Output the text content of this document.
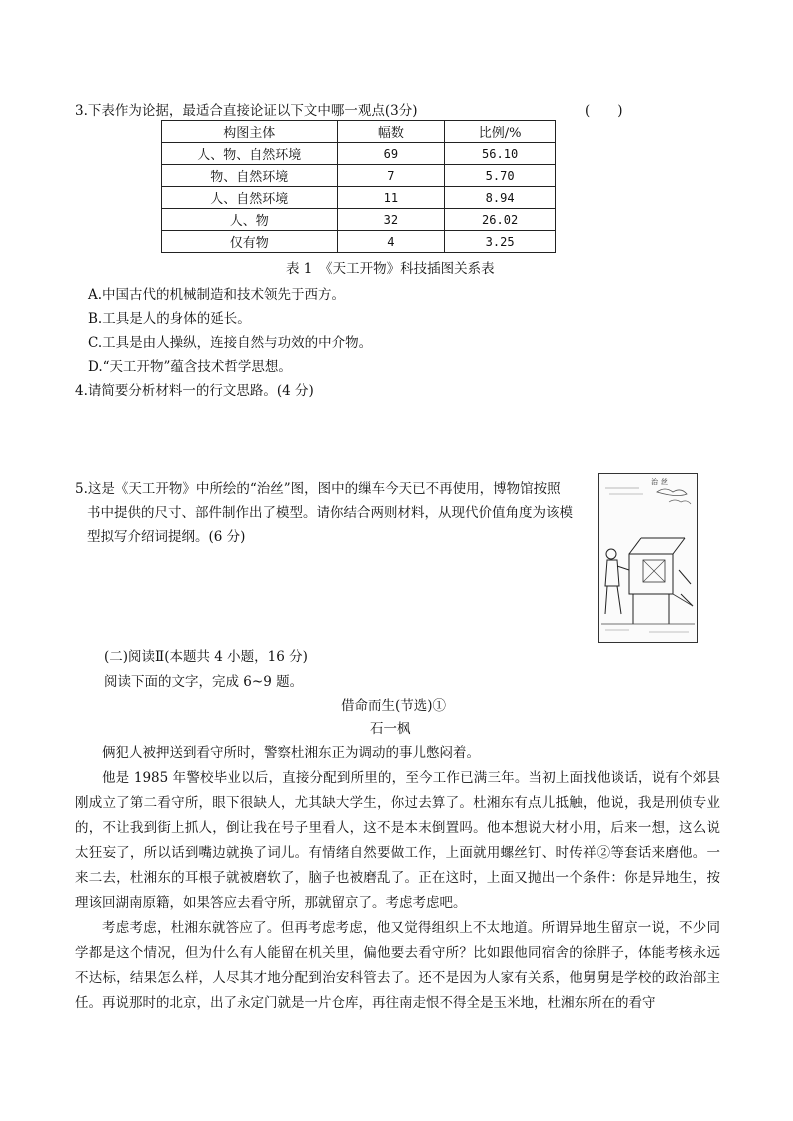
3.下表作为论据，最适合直接论证以下文中哪一观点(3分)	(　　)
构图主体	幅数	比例/%
人、物、自然环境	69	56.10
物、自然环境	7	5.70
人、自然环境	11	8.94
人、物	32	26.02
仅有物	4	3.25
表 1　《天工开物》科技插图关系表
A.中国古代的机械制造和技术领先于西方。
B.工具是人的身体的延长。
C.工具是由人操纵，连接自然与功效的中介物。
D.“天工开物”蕴含技术哲学思想。
4.请简要分析材料一的行文思路。(4 分)
5.这是《天工开物》中所绘的“治丝”图，图中的缫车今天已不再使用，博物馆按照
书中提供的尺寸、部件制作出了模型。请你结合两则材料，从现代价值角度为该模
型拟写介绍词提纲。(6 分)
治丝
(二)阅读Ⅱ(本题共 4 小题，16 分)
阅读下面的文字，完成 6~9 题。
借命而生(节选)①
石一枫

俩犯人被押送到看守所时，警察杜湘东正为调动的事儿憋闷着。

他是 1985 年警校毕业以后，直接分配到所里的，至今工作已满三年。当初上面找他谈话，说有个郊县刚成立了第二看守所，眼下很缺人，尤其缺大学生，你过去算了。杜湘东有点儿抵触，他说，我是刑侦专业的，不让我到街上抓人，倒让我在号子里看人，这不是本末倒置吗。他本想说大材小用，后来一想，这么说太狂妄了，所以话到嘴边就换了词儿。有情绪自然要做工作，上面就用螺丝钉、时传祥②等套话来磨他。一来二去，杜湘东的耳根子就被磨软了，脑子也被磨乱了。正在这时，上面又抛出一个条件：你是异地生，按理该回湖南原籍，如果答应去看守所，那就留京了。考虑考虑吧。

考虑考虑，杜湘东就答应了。但再考虑考虑，他又觉得组织上不太地道。所谓异地生留京一说，不少同学都是这个情况，但为什么有人能留在机关里，偏他要去看守所？比如跟他同宿舍的徐胖子，体能考核永远不达标，结果怎么样，人尽其才地分配到治安科管去了。还不是因为人家有关系，他舅舅是学校的政治部主任。再说那时的北京，出了永定门就是一片仓库，再往南走恨不得全是玉米地，杜湘东所在的看守
